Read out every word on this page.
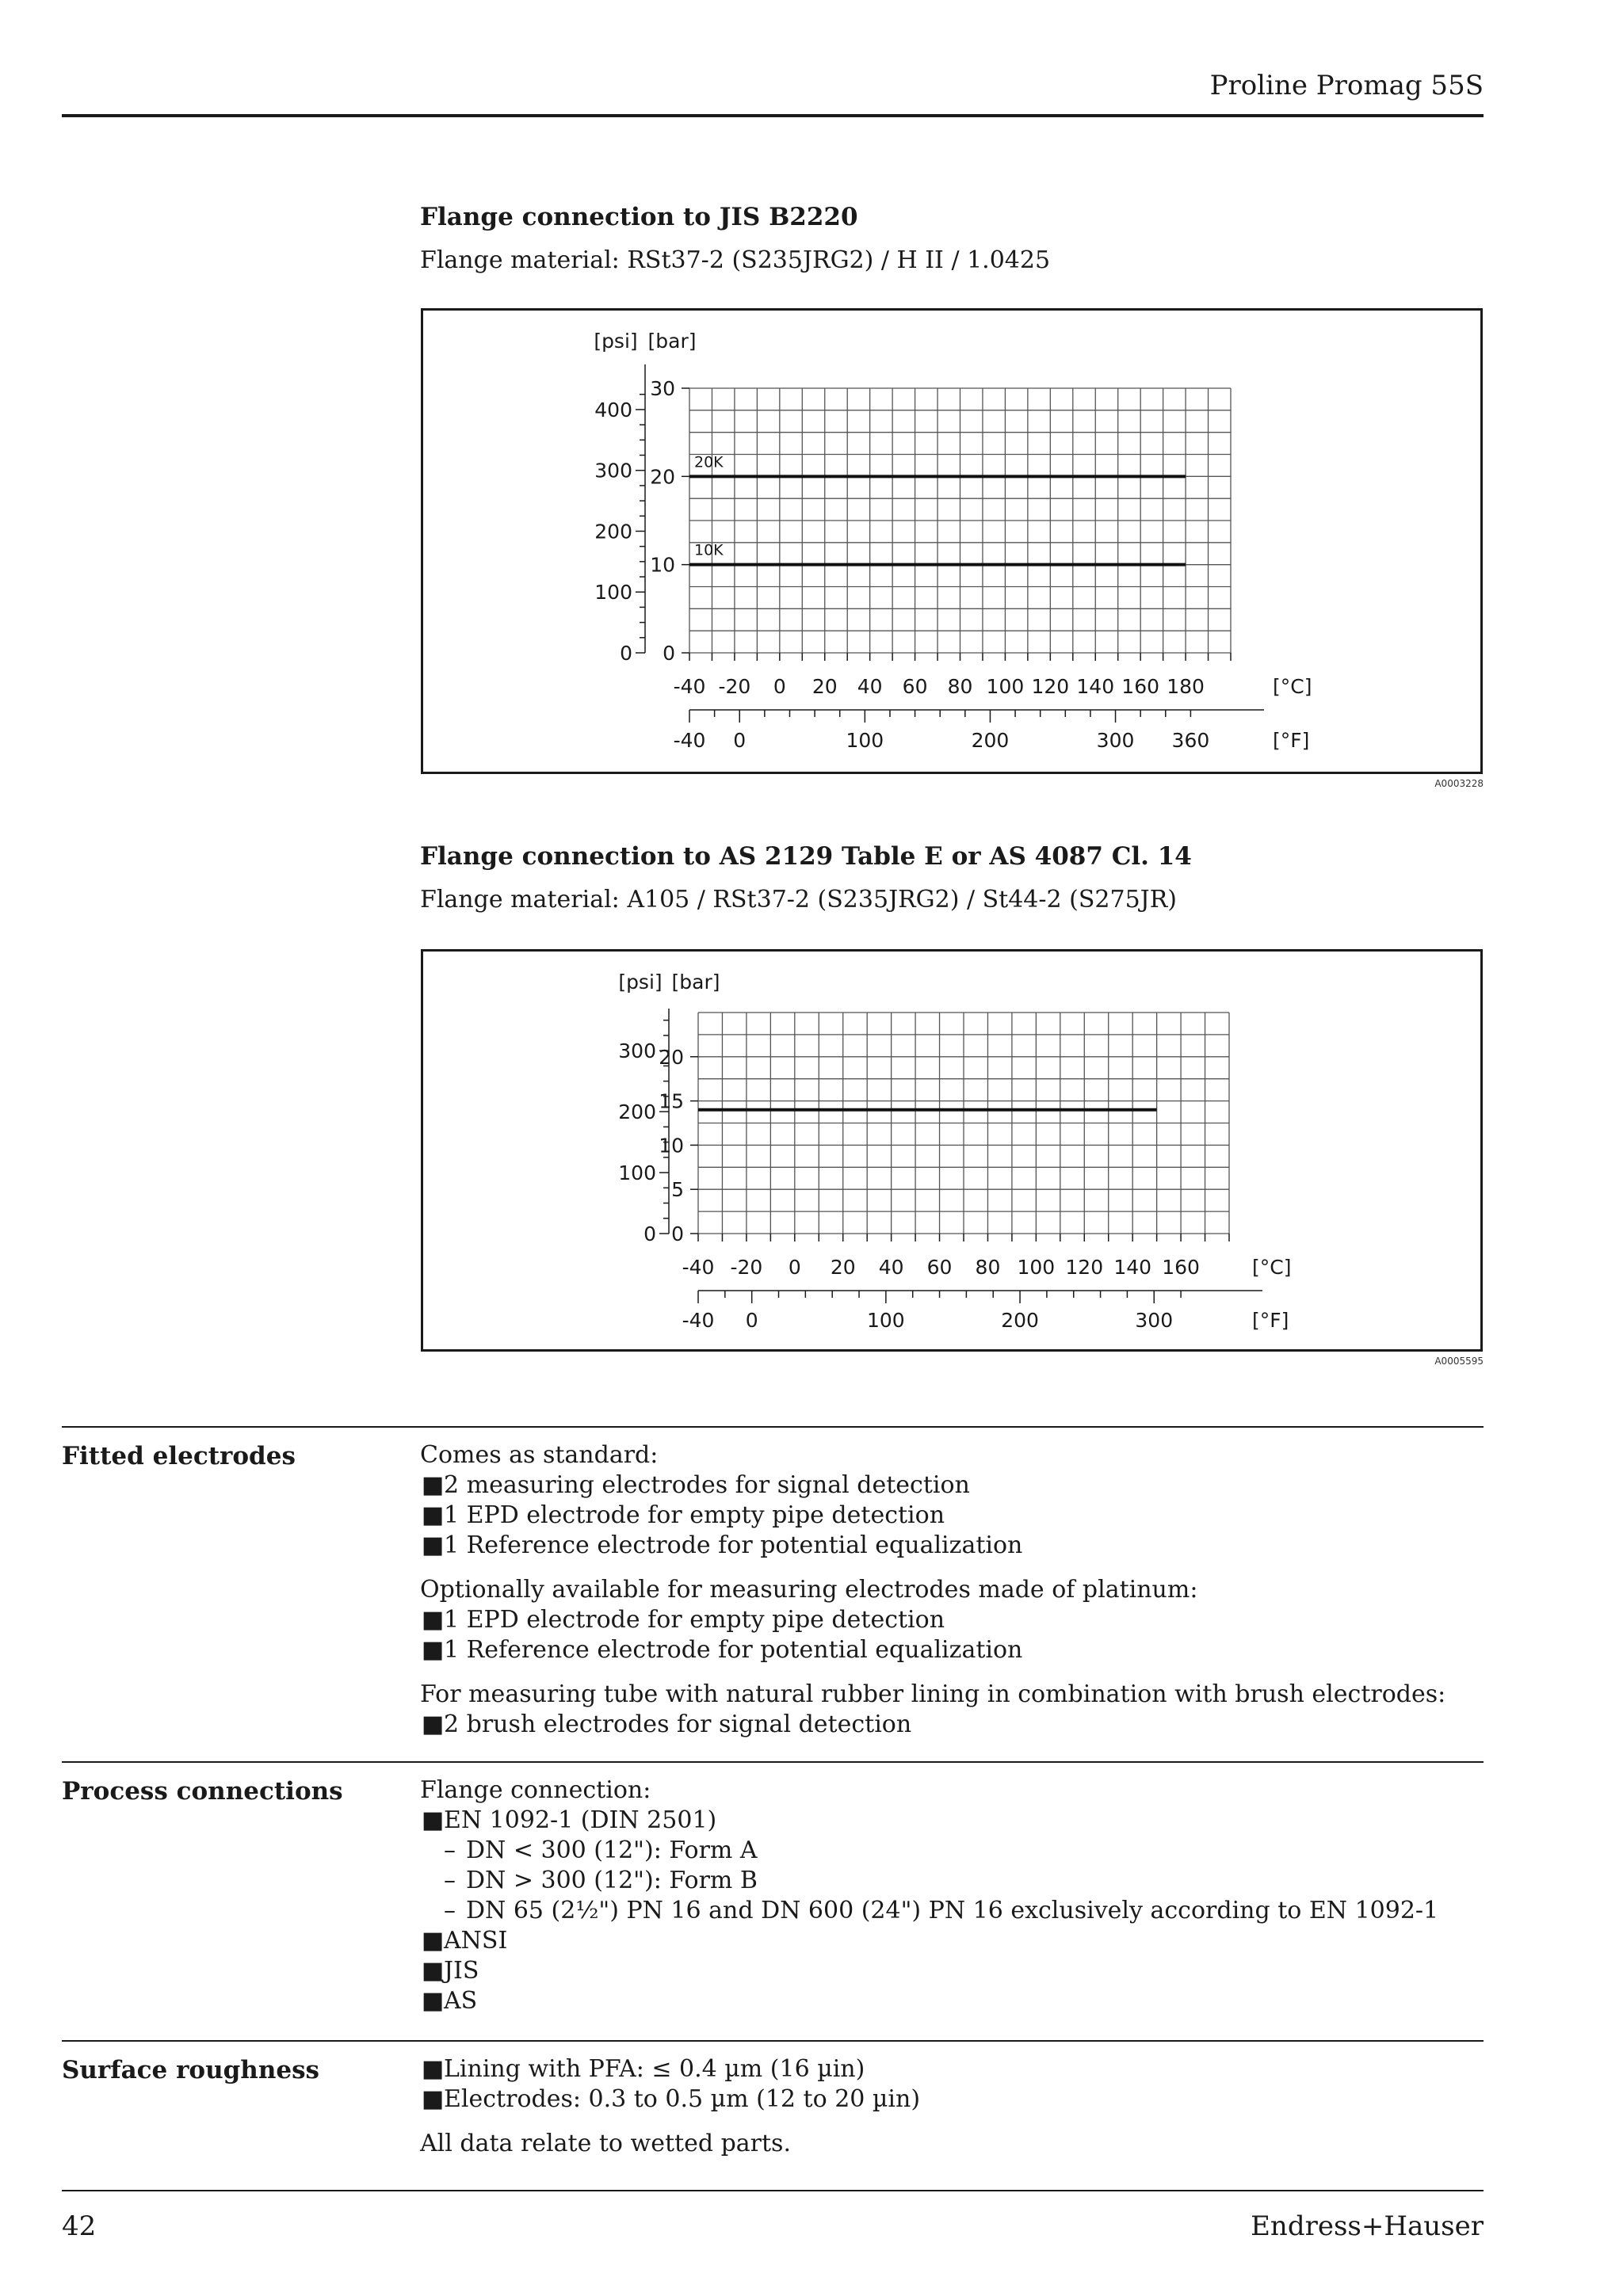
Proline Promag 55S
Flange connection to JIS B2220
Flange material: RSt37-2 (S235JRG2) / H II / 1.0425
0
10
20
30
0
100
200
300
400
[psi] [bar]
-40 -20 0 20 40 60 80 100 120 140 160 180	[°C]
-40 0	100	200	300 360	[°F]
20K
10K
A0003228
Flange connection to AS 2129 Table E or AS 4087 Cl. 14
Flange material: A105 / RSt37-2 (S235JRG2) / St44-2 (S275JR)
0
5
10
15
20
0
100
200
300
[psi] [bar]
-40 -20 0 20 40 60 80 100 120 140 160	[°C]
-40 0	100	200	300	[°F]
A0005595
Fitted electrodes	Comes as standard:

■ 2 measuring electrodes for signal detection
■ 1 EPD electrode for empty pipe detection
■ 1 Reference electrode for potential equalization

Optionally available for measuring electrodes made of platinum:

■ 1 EPD electrode for empty pipe detection
■ 1 Reference electrode for potential equalization

For measuring tube with natural rubber lining in combination with brush electrodes:

■ 2 brush electrodes for signal detection
Process connections	Flange connection:

■ EN 1092-1 (DIN 2501)
– DN < 300 (12"): Form A
– DN > 300 (12"): Form B
– DN 65 (2½") PN 16 and DN 600 (24") PN 16 exclusively according to EN 1092-1
■ ANSI
■ JIS
■ AS
Surface roughness	■ Lining with PFA: ≤ 0.4 µm (16 µin)
■ Electrodes: 0.3 to 0.5 µm (12 to 20 µin)

All data relate to wetted parts.

42	Endress+Hauser
